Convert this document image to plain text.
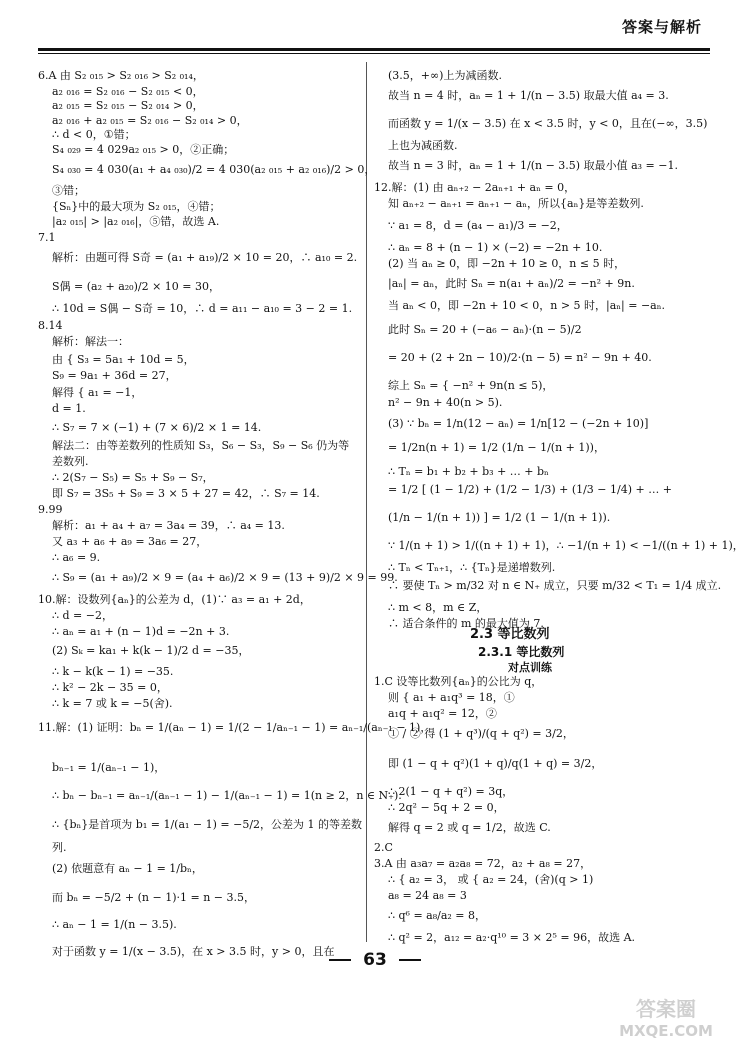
答案与解析
6.A 由 S₂ ₀₁₅ > S₂ ₀₁₆ > S₂ ₀₁₄，
a₂ ₀₁₆ = S₂ ₀₁₆ − S₂ ₀₁₅ < 0，
a₂ ₀₁₅ = S₂ ₀₁₅ − S₂ ₀₁₄ > 0，
a₂ ₀₁₆ + a₂ ₀₁₅ = S₂ ₀₁₆ − S₂ ₀₁₄ > 0，
∴ d < 0，①错；
S₄ ₀₂₉ = 4 029a₂ ₀₁₅ > 0，②正确；
S₄ ₀₃₀ = 4 030(a₁ + a₄ ₀₃₀)/2 = 4 030(a₂ ₀₁₅ + a₂ ₀₁₆)/2 > 0，
③错；
{Sₙ}中的最大项为 S₂ ₀₁₅，④错；
|a₂ ₀₁₅| > |a₂ ₀₁₆|，⑤错，故选 A.
7.1
解析：由题可得 S奇 = (a₁ + a₁₉)/2 × 10 = 20，∴ a₁₀ = 2.
S偶 = (a₂ + a₂₀)/2 × 10 = 30，
∴ 10d = S偶 − S奇 = 10，∴ d = a₁₁ − a₁₀ = 3 − 2 = 1.
8.14
解析：解法一：
由 { S₃ = 5a₁ + 10d = 5，
S₉ = 9a₁ + 36d = 27，
解得 { a₁ = −1，
d = 1.
∴ S₇ = 7 × (−1) + (7 × 6)/2 × 1 = 14.
解法二：由等差数列的性质知 S₃，S₆ − S₃，S₉ − S₆ 仍为等
差数列.
∴ 2(S₇ − S₅) = S₅ + S₉ − S₇，
即 S₇ = 3S₅ + S₉ = 3 × 5 + 27 = 42，∴ S₇ = 14.
9.99
解析：a₁ + a₄ + a₇ = 3a₄ = 39，∴ a₄ = 13.
又 a₃ + a₆ + a₉ = 3a₆ = 27，
∴ a₆ = 9.
∴ S₉ = (a₁ + a₉)/2 × 9 = (a₄ + a₆)/2 × 9 = (13 + 9)/2 × 9 = 99.
10.解：设数列{aₙ}的公差为 d，(1)∵ a₃ = a₁ + 2d，
∴ d = −2，
∴ aₙ = a₁ + (n − 1)d = −2n + 3.
(2) Sₖ = ka₁ + k(k − 1)/2 d = −35，
∴ k − k(k − 1) = −35.
∴ k² − 2k − 35 = 0，
∴ k = 7 或 k = −5(舍).
11.解：(1) 证明：bₙ = 1/(aₙ − 1) = 1/(2 − 1/aₙ₋₁ − 1) = aₙ₋₁/(aₙ₋₁ − 1)，
bₙ₋₁ = 1/(aₙ₋₁ − 1)，
∴ bₙ − bₙ₋₁ = aₙ₋₁/(aₙ₋₁ − 1) − 1/(aₙ₋₁ − 1) = 1(n ≥ 2，n ∈ N₊).
∴ {bₙ}是首项为 b₁ = 1/(a₁ − 1) = −5/2，公差为 1 的等差数
列.
(2) 依题意有 aₙ − 1 = 1/bₙ，
而 bₙ = −5/2 + (n − 1)·1 = n − 3.5，
∴ aₙ − 1 = 1/(n − 3.5).
对于函数 y = 1/(x − 3.5)，在 x > 3.5 时，y > 0，且在
(3.5，+∞)上为减函数.
故当 n = 4 时，aₙ = 1 + 1/(n − 3.5) 取最大值 a₄ = 3.
而函数 y = 1/(x − 3.5) 在 x < 3.5 时，y < 0，且在(−∞，3.5)
上也为减函数.
故当 n = 3 时，aₙ = 1 + 1/(n − 3.5) 取最小值 a₃ = −1.
12.解：(1) 由 aₙ₊₂ − 2aₙ₊₁ + aₙ = 0，
知 aₙ₊₂ − aₙ₊₁ = aₙ₊₁ − aₙ，所以{aₙ}是等差数列.
∵ a₁ = 8，d = (a₄ − a₁)/3 = −2，
∴ aₙ = 8 + (n − 1) × (−2) = −2n + 10.
(2) 当 aₙ ≥ 0，即 −2n + 10 ≥ 0，n ≤ 5 时，
|aₙ| = aₙ，此时 Sₙ = n(a₁ + aₙ)/2 = −n² + 9n.
当 aₙ < 0，即 −2n + 10 < 0，n > 5 时，|aₙ| = −aₙ.
此时 Sₙ = 20 + (−a₆ − aₙ)·(n − 5)/2
= 20 + (2 + 2n − 10)/2·(n − 5) = n² − 9n + 40.
综上 Sₙ = { −n² + 9n(n ≤ 5)，
n² − 9n + 40(n > 5).
(3) ∵ bₙ = 1/n(12 − aₙ) = 1/n[12 − (−2n + 10)]
= 1/2n(n + 1) = 1/2 (1/n − 1/(n + 1))，
∴ Tₙ = b₁ + b₂ + b₃ + … + bₙ
= 1/2 [ (1 − 1/2) + (1/2 − 1/3) + (1/3 − 1/4) + … +
(1/n − 1/(n + 1)) ] = 1/2 (1 − 1/(n + 1)).
∵ 1/(n + 1) > 1/((n + 1) + 1)，∴ −1/(n + 1) < −1/((n + 1) + 1)，
∴ Tₙ < Tₙ₊₁，∴ {Tₙ}是递增数列.
∴ 要使 Tₙ > m/32 对 n ∈ N₊ 成立，只要 m/32 < T₁ = 1/4 成立.
∴ m < 8，m ∈ Z，
∴ 适合条件的 m 的最大值为 7.
1.C 设等比数列{aₙ}的公比为 q，
则 { a₁ + a₁q³ = 18，①
a₁q + a₁q² = 12，②
① / ② 得 (1 + q³)/(q + q²) = 3/2，
即 (1 − q + q²)(1 + q)/q(1 + q) = 3/2，
∴ 2(1 − q + q²) = 3q，
∴ 2q² − 5q + 2 = 0，
解得 q = 2 或 q = 1/2，故选 C.
2.C
3.A 由 a₃a₇ = a₂a₈ = 72，a₂ + a₈ = 27，
∴ { a₂ = 3， 或 { a₂ = 24，(舍)(q > 1)
a₈ = 24 a₈ = 3
∴ q⁶ = a₈/a₂ = 8，
∴ q² = 2，a₁₂ = a₂·q¹⁰ = 3 × 2⁵ = 96，故选 A.
2.3 等比数列
2.3.1 等比数列
对点训练
63
答案圈
MXQE.COM
